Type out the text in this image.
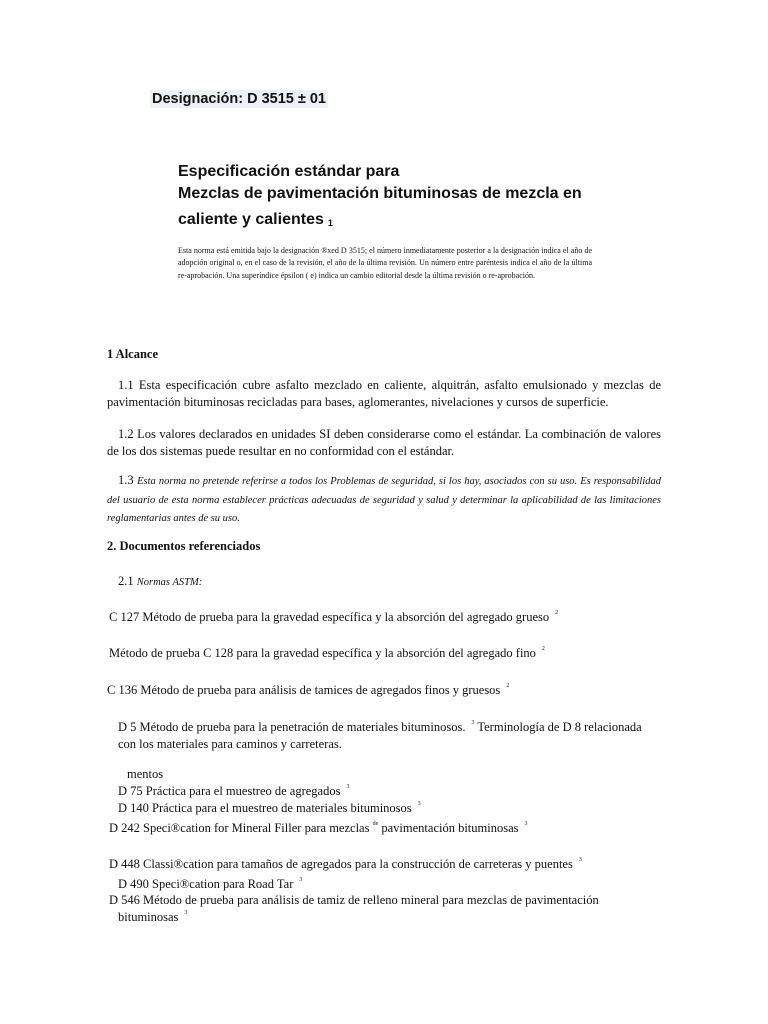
Designación: D 3515 ± 01
Especificación estándar para
Mezclas de pavimentación bituminosas de mezcla en caliente y calientes $^1$
Esta norma está emitida bajo la designación ®xed D 3515; el número inmediatamente posterior a la designación indica el año de adopción original o, en el caso de la revisión, el año de la última revisión. Un número entre paréntesis indica el año de la última re-aprobación. Una superíndice épsilon ( e) indica un cambio editorial desde la última revisión o re-aprobación.
1 Alcance
1.1 Esta especificación cubre asfalto mezclado en caliente, alquitrán, asfalto emulsionado y mezclas de pavimentación bituminosas recicladas para bases, aglomerantes, nivelaciones y cursos de superficie.
1.2 Los valores declarados en unidades SI deben considerarse como el estándar. La combinación de valores de los dos sistemas puede resultar en no conformidad con el estándar.
1.3 Esta norma no pretende referirse a todos los Problemas de seguridad, si los hay, asociados con su uso. Es responsabilidad del usuario de esta norma establecer prácticas adecuadas de seguridad y salud y determinar la aplicabilidad de las limitaciones reglamentarias antes de su uso.
2. Documentos referenciados
2.1 Normas ASTM:
C 127 Método de prueba para la gravedad específica y la absorción del agregado grueso $^2$
Método de prueba C 128 para la gravedad específica y la absorción del agregado fino $^2$
C 136 Método de prueba para análisis de tamices de agregados finos y gruesos $^2$
D 5 Método de prueba para la penetración de materiales bituminosos. $^3$ Terminología de D 8 relacionada
con los materiales para caminos y carreteras.
mentos
D 75 Práctica para el muestreo de agregados $^3$
D 140 Práctica para el muestreo de materiales bituminosos $^3$
D 242 Speci®cation for Mineral Filler para mezclas $^{de}$ pavimentación bituminosas $^3$
D 448 Classi®cation para tamaños de agregados para la construcción de carreteras y puentes $^3$
D 490 Speci®cation para Road Tar $^3$
D 546 Método de prueba para análisis de tamiz de relleno mineral para mezclas de pavimentación
bituminosas $^3$
